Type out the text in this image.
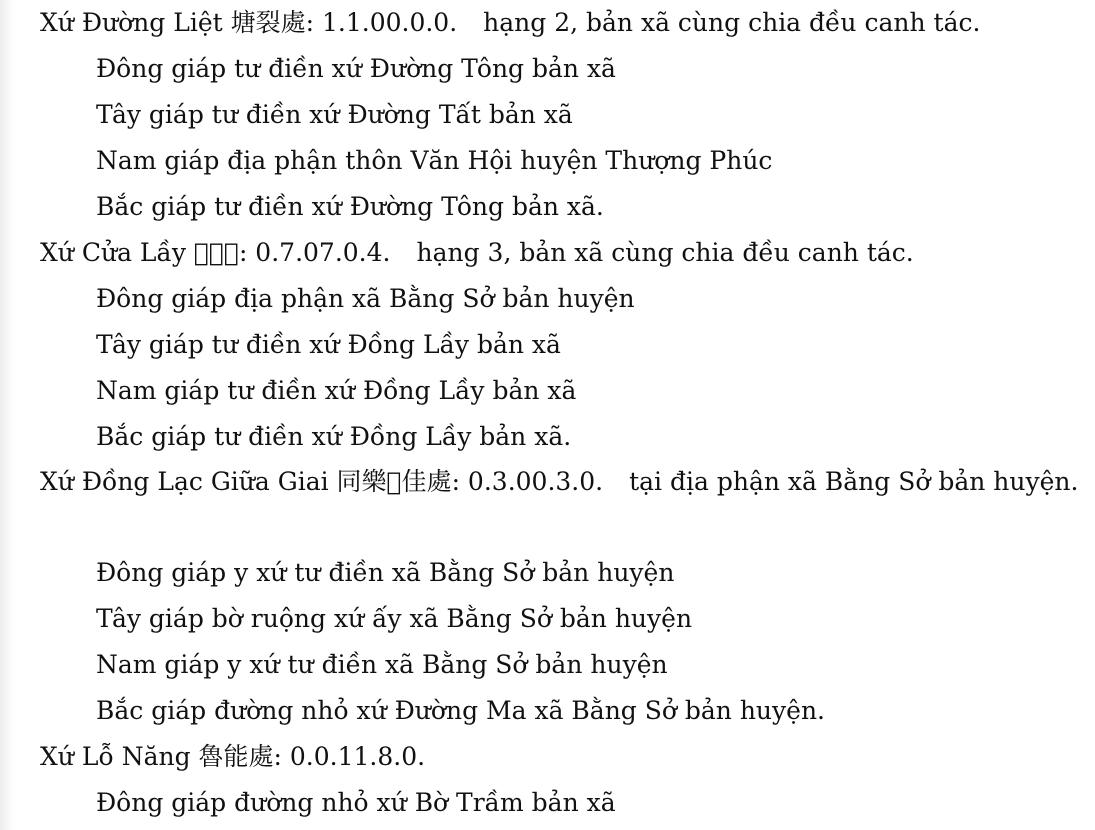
Xứ Đường Liệt 塘裂處: 1.1.00.0.0. hạng 2, bản xã cùng chia đều canh tác.
Đông giáp tư điền xứ Đường Tông bản xã
Tây giáp tư điền xứ Đường Tất bản xã
Nam giáp địa phận thôn Văn Hội huyện Thượng Phúc
Bắc giáp tư điền xứ Đường Tông bản xã.
Xứ Cửa Lầy 𨷯氻處: 0.7.07.0.4. hạng 3, bản xã cùng chia đều canh tác.
Đông giáp địa phận xã Bằng Sở bản huyện
Tây giáp tư điền xứ Đồng Lầy bản xã
Nam giáp tư điền xứ Đồng Lầy bản xã
Bắc giáp tư điền xứ Đồng Lầy bản xã.
Xứ Đồng Lạc Giữa Giai 同樂𥘀佳處: 0.3.00.3.0. tại địa phận xã Bằng Sở bản huyện.
Đông giáp y xứ tư điền xã Bằng Sở bản huyện
Tây giáp bờ ruộng xứ ấy xã Bằng Sở bản huyện
Nam giáp y xứ tư điền xã Bằng Sở bản huyện
Bắc giáp đường nhỏ xứ Đường Ma xã Bằng Sở bản huyện.
Xứ Lỗ Năng 魯能處: 0.0.11.8.0.
Đông giáp đường nhỏ xứ Bờ Trầm bản xã
